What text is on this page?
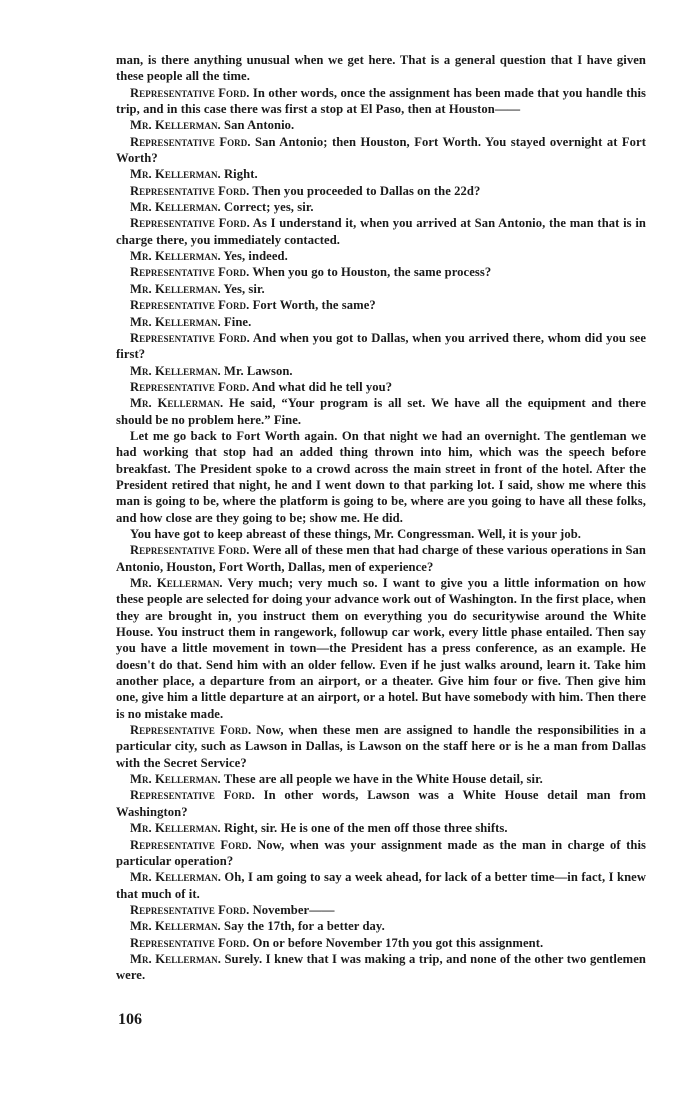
man, is there anything unusual when we get here. That is a general question that I have given these people all the time.

Representative Ford. In other words, once the assignment has been made that you handle this trip, and in this case there was first a stop at El Paso, then at Houston——

Mr. Kellerman. San Antonio.

Representative Ford. San Antonio; then Houston, Fort Worth. You stayed overnight at Fort Worth?

Mr. Kellerman. Right.

Representative Ford. Then you proceeded to Dallas on the 22d?

Mr. Kellerman. Correct; yes, sir.

Representative Ford. As I understand it, when you arrived at San Antonio, the man that is in charge there, you immediately contacted.

Mr. Kellerman. Yes, indeed.

Representative Ford. When you go to Houston, the same process?

Mr. Kellerman. Yes, sir.

Representative Ford. Fort Worth, the same?

Mr. Kellerman. Fine.

Representative Ford. And when you got to Dallas, when you arrived there, whom did you see first?

Mr. Kellerman. Mr. Lawson.

Representative Ford. And what did he tell you?

Mr. Kellerman. He said, “Your program is all set. We have all the equipment and there should be no problem here.” Fine.

Let me go back to Fort Worth again. On that night we had an overnight. The gentleman we had working that stop had an added thing thrown into him, which was the speech before breakfast. The President spoke to a crowd across the main street in front of the hotel. After the President retired that night, he and I went down to that parking lot. I said, show me where this man is going to be, where the platform is going to be, where are you going to have all these folks, and how close are they going to be; show me. He did.

You have got to keep abreast of these things, Mr. Congressman. Well, it is your job.

Representative Ford. Were all of these men that had charge of these various operations in San Antonio, Houston, Fort Worth, Dallas, men of experience?

Mr. Kellerman. Very much; very much so. I want to give you a little information on how these people are selected for doing your advance work out of Washington. In the first place, when they are brought in, you instruct them on everything you do securitywise around the White House. You instruct them in rangework, followup car work, every little phase entailed. Then say you have a little movement in town—the President has a press conference, as an example. He doesn't do that. Send him with an older fellow. Even if he just walks around, learn it. Take him another place, a departure from an airport, or a theater. Give him four or five. Then give him one, give him a little departure at an airport, or a hotel. But have somebody with him. Then there is no mistake made.

Representative Ford. Now, when these men are assigned to handle the responsibilities in a particular city, such as Lawson in Dallas, is Lawson on the staff here or is he a man from Dallas with the Secret Service?

Mr. Kellerman. These are all people we have in the White House detail, sir.

Representative Ford. In other words, Lawson was a White House detail man from Washington?

Mr. Kellerman. Right, sir. He is one of the men off those three shifts.

Representative Ford. Now, when was your assignment made as the man in charge of this particular operation?

Mr. Kellerman. Oh, I am going to say a week ahead, for lack of a better time—in fact, I knew that much of it.

Representative Ford. November——

Mr. Kellerman. Say the 17th, for a better day.

Representative Ford. On or before November 17th you got this assignment.

Mr. Kellerman. Surely. I knew that I was making a trip, and none of the other two gentlemen were.

106
